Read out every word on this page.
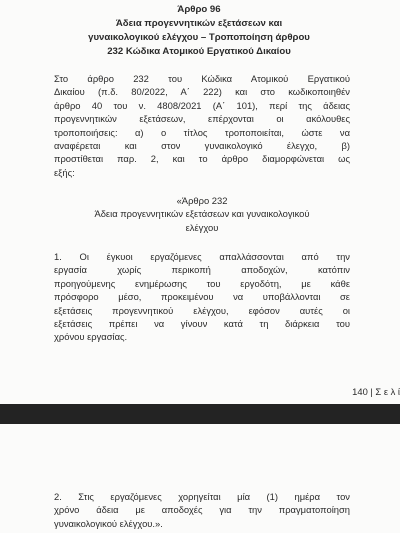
Άρθρο 96
Άδεια προγεννητικών εξετάσεων και
γυναικολογικού ελέγχου – Τροποποίηση άρθρου
232 Κώδικα Ατομικού Εργατικού Δικαίου
Στο άρθρο 232 του Κώδικα Ατομικού Εργατικού
Δικαίου (π.δ. 80/2022, Α΄ 222) και στο κωδικοποιηθέν
άρθρο 40 του ν. 4808/2021 (Α΄ 101), περί της άδειας
προγεννητικών εξετάσεων, επέρχονται οι ακόλουθες
τροποποιήσεις: α) ο τίτλος τροποποιείται, ώστε να
αναφέρεται και στον γυναικολογικό έλεγχο, β)
προστίθεται παρ. 2, και το άρθρο διαμορφώνεται ως
εξής:
«Άρθρο 232
Άδεια προγεννητικών εξετάσεων και γυναικολογικού
ελέγχου
1. Οι έγκυοι εργαζόμενες απαλλάσσονται από την
εργασία χωρίς περικοπή αποδοχών, κατόπιν
προηγούμενης ενημέρωσης του εργοδότη, με κάθε
πρόσφορο μέσο, προκειμένου να υποβάλλονται σε
εξετάσεις προγεννητικού ελέγχου, εφόσον αυτές οι
εξετάσεις πρέπει να γίνουν κατά τη διάρκεια του
χρόνου εργασίας.
140 | Σ ε λ ί
2. Στις εργαζόμενες χορηγείται μία (1) ημέρα τον
χρόνο άδεια με αποδοχές για την πραγματοποίηση
γυναικολογικού ελέγχου.».
